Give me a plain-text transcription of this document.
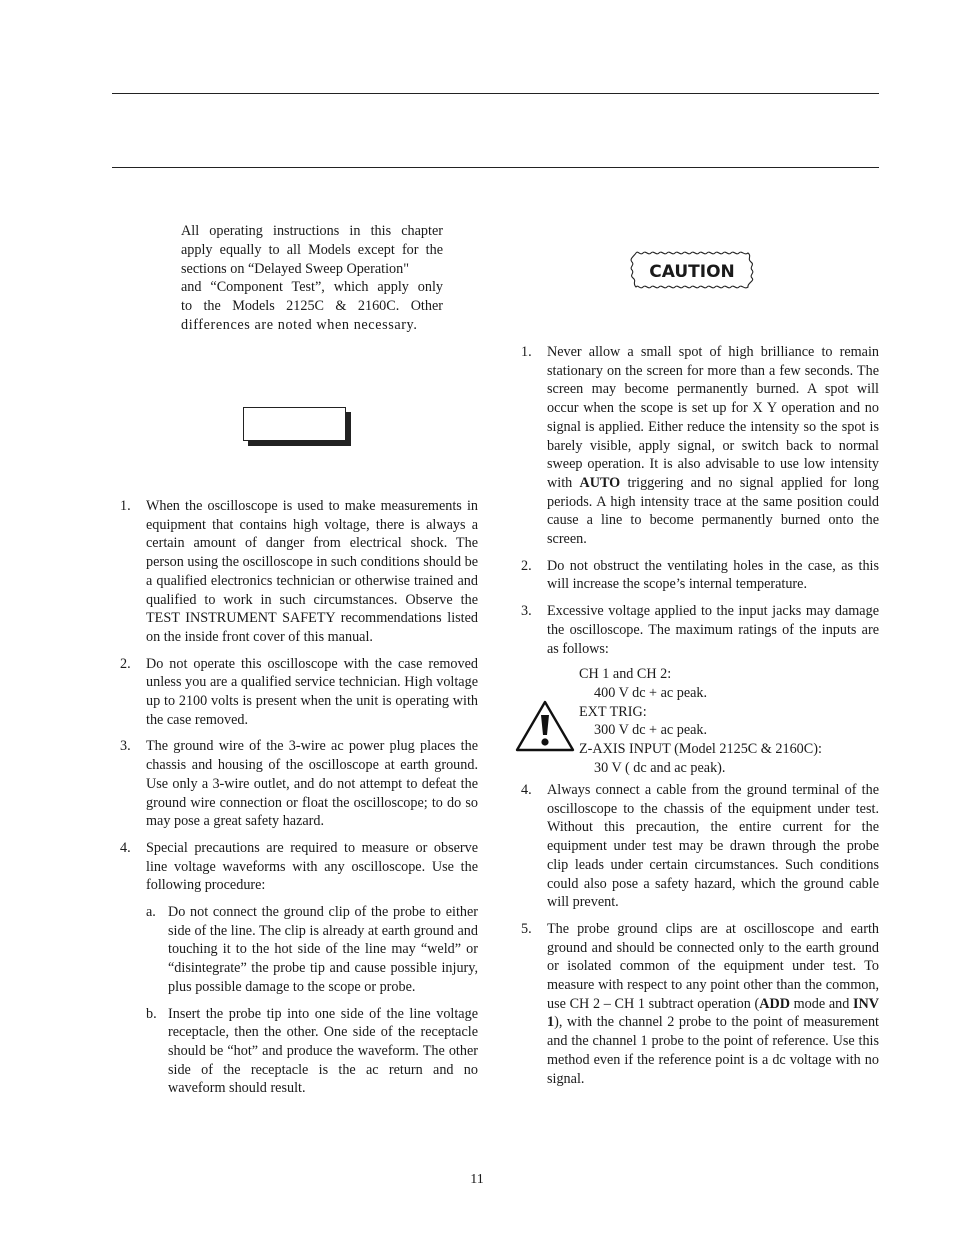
All operating instructions in this chapter
apply equally to all Models except for the
sections on “Delayed Sweep Operation"
and “Component Test”, which apply only
to the Models 2125C & 2160C. Other
differences are noted when necessary.
CAUTION
1. When the oscilloscope is used to make measurements in equipment that contains high voltage, there is always a certain amount of danger from electrical shock. The person using the oscilloscope in such conditions should be a qualified electronics technician or otherwise trained and qualified to work in such circumstances. Observe the TEST INSTRUMENT SAFETY recommendations listed on the inside front cover of this manual.
2. Do not operate this oscilloscope with the case removed unless you are a qualified service technician. High voltage up to 2100 volts is present when the unit is operating with the case removed.
3. The ground wire of the 3-wire ac power plug places the chassis and housing of the oscilloscope at earth ground. Use only a 3-wire outlet, and do not attempt to defeat the ground wire connection or float the oscilloscope; to do so may pose a great safety hazard.
4. Special precautions are required to measure or observe line voltage waveforms with any oscilloscope. Use the following procedure:
a. Do not connect the ground clip of the probe to either side of the line. The clip is already at earth ground and touching it to the hot side of the line may “weld” or “disintegrate” the probe tip and cause possible injury, plus possible damage to the scope or probe.
b. Insert the probe tip into one side of the line voltage receptacle, then the other. One side of the receptacle should be “hot” and produce the waveform. The other side of the receptacle is the ac return and no waveform should result.
1. Never allow a small spot of high brilliance to remain stationary on the screen for more than a few seconds. The screen may become permanently burned. A spot will occur when the scope is set up for X Y operation and no signal is applied. Either reduce the intensity so the spot is barely visible, apply signal, or switch back to normal sweep operation. It is also advisable to use low intensity with AUTO triggering and no signal applied for long periods. A high intensity trace at the same position could cause a line to become permanently burned onto the screen.
2. Do not obstruct the ventilating holes in the case, as this will increase the scope’s internal temperature.
3. Excessive voltage applied to the input jacks may damage the oscilloscope. The maximum ratings of the inputs are as follows:
CH 1 and CH 2:
400 V dc + ac peak.
EXT TRIG:
300 V dc + ac peak.
Z-AXIS INPUT (Model 2125C & 2160C):
30 V ( dc and ac peak).
4. Always connect a cable from the ground terminal of the oscilloscope to the chassis of the equipment under test. Without this precaution, the entire current for the equipment under test may be drawn through the probe clip leads under certain circumstances. Such conditions could also pose a safety hazard, which the ground cable will prevent.
5. The probe ground clips are at oscilloscope and earth ground and should be connected only to the earth ground or isolated common of the equipment under test. To measure with respect to any point other than the common, use CH 2 – CH 1 subtract operation (ADD mode and INV 1), with the channel 2 probe to the point of measurement and the channel 1 probe to the point of reference. Use this method even if the reference point is a dc voltage with no signal.
11
